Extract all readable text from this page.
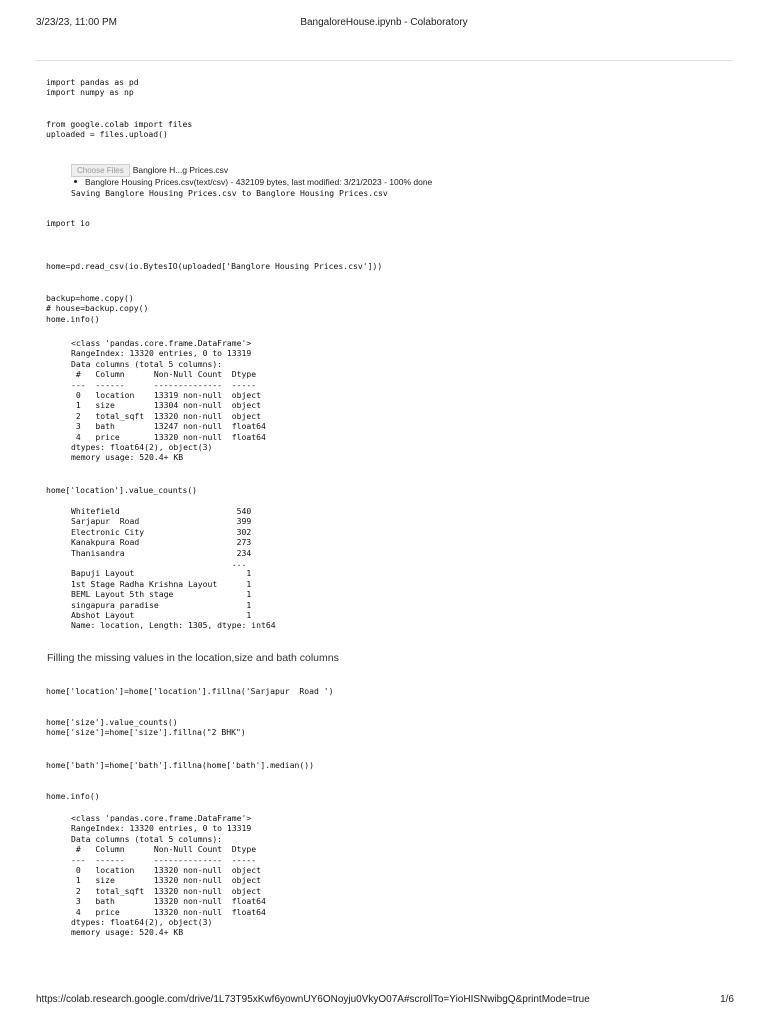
3/23/23, 11:00 PM	BangaloreHouse.ipynb - Colaboratory
import pandas as pd
import numpy as np
from google.colab import files
uploaded = files.upload()
Choose Files Banglore H...g Prices.csv
Banglore Housing Prices.csv(text/csv) - 432109 bytes, last modified: 3/21/2023 - 100% done
Saving Banglore Housing Prices.csv to Banglore Housing Prices.csv
import io
home=pd.read_csv(io.BytesIO(uploaded['Banglore Housing Prices.csv']))
backup=home.copy()
# house=backup.copy()
home.info()
<class 'pandas.core.frame.DataFrame'>
RangeIndex: 13320 entries, 0 to 13319
Data columns (total 5 columns):
#   Column      Non-Null Count  Dtype
---  ------      --------------  -----
0   location    13319 non-null  object
1   size        13304 non-null  object
2   total_sqft  13320 non-null  object
3   bath        13247 non-null  float64
4   price       13320 non-null  float64
dtypes: float64(2), object(3)
memory usage: 520.4+ KB
home['location'].value_counts()
Whitefield                        540
Sarjapur  Road                    399
Electronic City                   302
Kanakpura Road                    273
Thanisandra                       234
...
Bapuji Layout                       1
1st Stage Radha Krishna Layout      1
BEML Layout 5th stage               1
singapura paradise                  1
Abshot Layout                       1
Name: location, Length: 1305, dtype: int64
Filling the missing values in the location,size and bath columns
home['location']=home['location'].fillna('Sarjapur  Road ')
home['size'].value_counts()
home['size']=home['size'].fillna("2 BHK")
home['bath']=home['bath'].fillna(home['bath'].median())
home.info()
<class 'pandas.core.frame.DataFrame'>
RangeIndex: 13320 entries, 0 to 13319
Data columns (total 5 columns):
#   Column      Non-Null Count  Dtype
---  ------      --------------  -----
0   location    13320 non-null  object
1   size        13320 non-null  object
2   total_sqft  13320 non-null  object
3   bath        13320 non-null  float64
4   price       13320 non-null  float64
dtypes: float64(2), object(3)
memory usage: 520.4+ KB
https://colab.research.google.com/drive/1L73T95xKwf6yownUY6ONoyju0VkyO07A#scrollTo=YioHISNwibgQ&printMode=true	1/6
